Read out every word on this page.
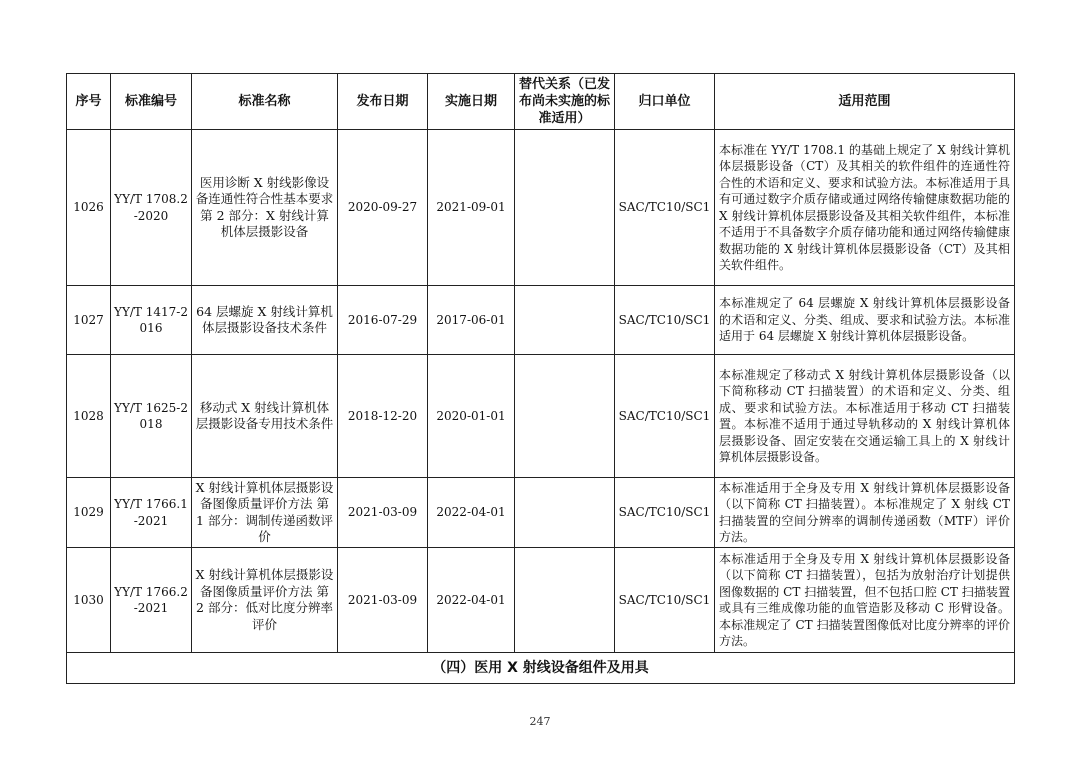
序号	标准编号	标准名称	发布日期	实施日期	替代关系（已发布尚未实施的标准适用）	归口单位	适用范围
1026	YY/T 1708.2-2020	医用诊断 X 射线影像设备连通性符合性基本要求 第 2 部分：X 射线计算机体层摄影设备	2020-09-27	2021-09-01		SAC/TC10/SC1	本标准在 YY/T 1708.1 的基础上规定了 X 射线计算机体层摄影设备（CT）及其相关的软件组件的连通性符合性的术语和定义、要求和试验方法。本标准适用于具有可通过数字介质存储或通过网络传输健康数据功能的 X 射线计算机体层摄影设备及其相关软件组件，本标准不适用于不具备数字介质存储功能和通过网络传输健康数据功能的 X 射线计算机体层摄影设备（CT）及其相关软件组件。
1027	YY/T 1417-2016	64 层螺旋 X 射线计算机体层摄影设备技术条件	2016-07-29	2017-06-01		SAC/TC10/SC1	本标准规定了 64 层螺旋 X 射线计算机体层摄影设备的术语和定义、分类、组成、要求和试验方法。本标准适用于 64 层螺旋 X 射线计算机体层摄影设备。
1028	YY/T 1625-2018	移动式 X 射线计算机体层摄影设备专用技术条件	2018-12-20	2020-01-01		SAC/TC10/SC1	本标准规定了移动式 X 射线计算机体层摄影设备（以下简称移动 CT 扫描装置）的术语和定义、分类、组成、要求和试验方法。本标准适用于移动 CT 扫描装置。本标准不适用于通过导轨移动的 X 射线计算机体层摄影设备、固定安装在交通运输工具上的 X 射线计算机体层摄影设备。
1029	YY/T 1766.1-2021	X 射线计算机体层摄影设备图像质量评价方法 第 1 部分：调制传递函数评价	2021-03-09	2022-04-01		SAC/TC10/SC1	本标准适用于全身及专用 X 射线计算机体层摄影设备（以下简称 CT 扫描装置）。本标准规定了 X 射线 CT 扫描装置的空间分辨率的调制传递函数（MTF）评价方法。
1030	YY/T 1766.2-2021	X 射线计算机体层摄影设备图像质量评价方法 第 2 部分：低对比度分辨率评价	2021-03-09	2022-04-01		SAC/TC10/SC1	本标准适用于全身及专用 X 射线计算机体层摄影设备（以下简称 CT 扫描装置），包括为放射治疗计划提供图像数据的 CT 扫描装置，但不包括口腔 CT 扫描装置或具有三维成像功能的血管造影及移动 C 形臂设备。本标准规定了 CT 扫描装置图像低对比度分辨率的评价方法。
（四）医用 X 射线设备组件及用具							
247
